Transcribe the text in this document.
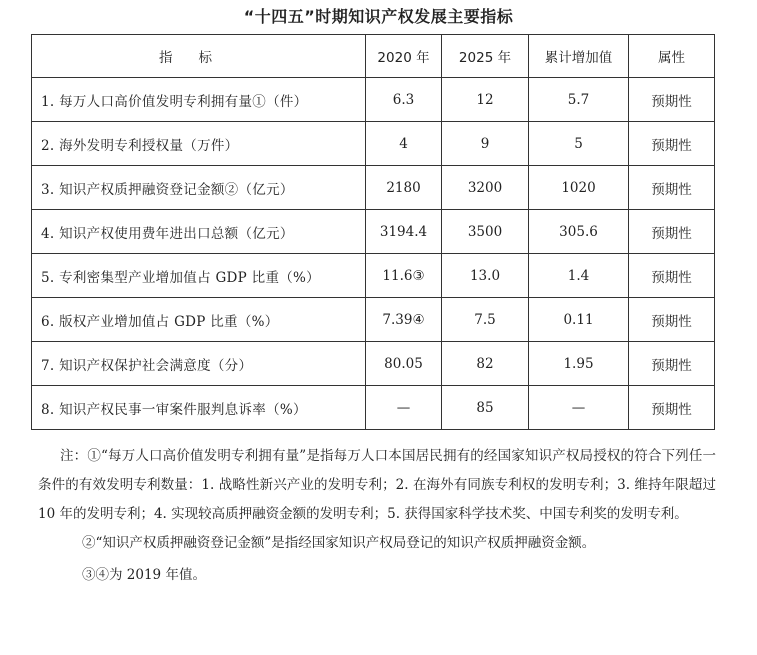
“十四五”时期知识产权发展主要指标
指标	2020 年	2025 年	累计增加值	属性
1. 每万人口高价值发明专利拥有量①（件）	6.3	12	5.7	预期性
2. 海外发明专利授权量（万件）	4	9	5	预期性
3. 知识产权质押融资登记金额②（亿元）	2180	3200	1020	预期性
4. 知识产权使用费年进出口总额（亿元）	3194.4	3500	305.6	预期性
5. 专利密集型产业增加值占 GDP 比重（%）	11.6③	13.0	1.4	预期性
6. 版权产业增加值占 GDP 比重（%）	7.39④	7.5	0.11	预期性
7. 知识产权保护社会满意度（分）	80.05	82	1.95	预期性
8. 知识产权民事一审案件服判息诉率（%）	—	85	—	预期性

注：①“每万人口高价值发明专利拥有量”是指每万人口本国居民拥有的经国家知识产权局授权的符合下列任一条件的有效发明专利数量：1. 战略性新兴产业的发明专利；2. 在海外有同族专利权的发明专利；3. 维持年限超过 10 年的发明专利；4. 实现较高质押融资金额的发明专利；5. 获得国家科学技术奖、中国专利奖的发明专利。

②“知识产权质押融资登记金额”是指经国家知识产权局登记的知识产权质押融资金额。

③④为 2019 年值。
